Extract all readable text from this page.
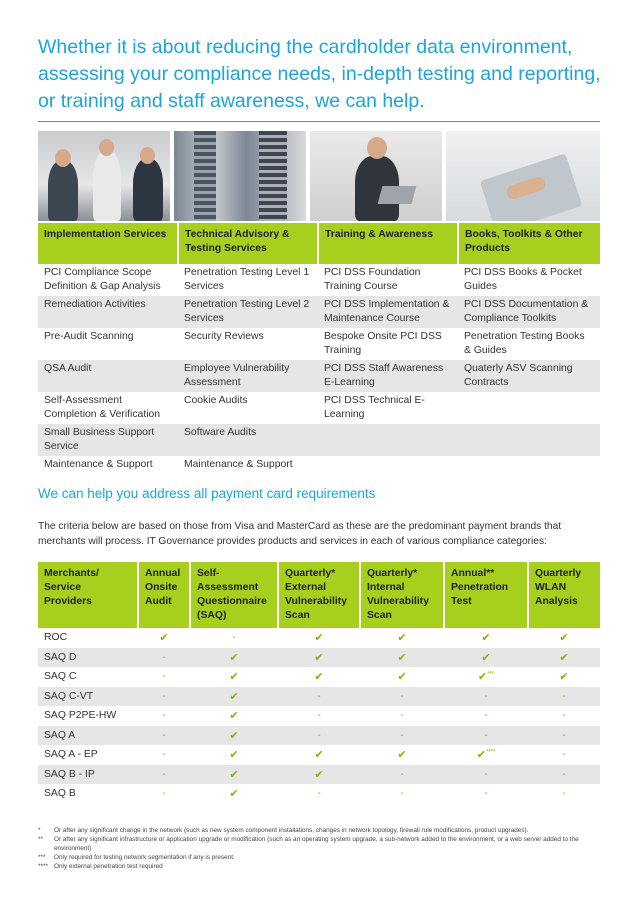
Whether it is about reducing the cardholder data environment, assessing your compliance needs, in-depth testing and reporting, or training and staff awareness, we can help.
Implementation Services	Technical Advisory & Testing Services	Training & Awareness	Books, Toolkits & Other Products
PCI Compliance Scope Definition & Gap Analysis	Penetration Testing Level 1 Services	PCI DSS Foundation Training Course	PCI DSS Books & Pocket Guides
Remediation Activities	Penetration Testing Level 2 Services	PCI DSS Implementation & Maintenance Course	PCI DSS Documentation & Compliance Toolkits
Pre-Audit Scanning	Security Reviews	Bespoke Onsite PCI DSS Training	Penetration Testing Books & Guides
QSA Audit	Employee Vulnerability Assessment	PCI DSS Staff Awareness E-Learning	Quaterly ASV Scanning Contracts
Self-Assessment Completion & Verification	Cookie Audits	PCI DSS Technical E-Learning	
Small Business Support Service	Software Audits		
Maintenance & Support	Maintenance & Support		
We can help you address all payment card requirements
The criteria below are based on those from Visa and MasterCard as these are the predominant payment brands that merchants will process. IT Governance provides products and services in each of various compliance categories:
Merchants/ Service Providers	Annual Onsite Audit	Self-Assessment Questionnaire (SAQ)	Quarterly* External Vulnerability Scan	Quarterly* Internal Vulnerability Scan	Annual** Penetration Test	Quarterly WLAN Analysis
ROC	✔	-	✔	✔	✔	✔
SAQ D	-	✔	✔	✔	✔	✔
SAQ C	-	✔	✔	✔	✔***	✔
SAQ C-VT	-	✔	-	-	-	-
SAQ P2PE-HW	-	✔	-	-	-	-
SAQ A	-	✔	-	-	-	-
SAQ A - EP	-	✔	✔	✔	✔****	-
SAQ B - IP	-	✔	✔	-	-	-
SAQ B	-	✔	-	-	-	-
*	Or after any significant change in the network (such as new system component installations, changes in network topology, firewall rule modifications, product upgrades).
**	Or after any significant infrastructure or application upgrade or modification (such as an operating system upgrade, a sub-network added to the environment, or a web server added to the environment)
***	Only required for testing network segmentation if any is present.
**** Only external penetration test required
